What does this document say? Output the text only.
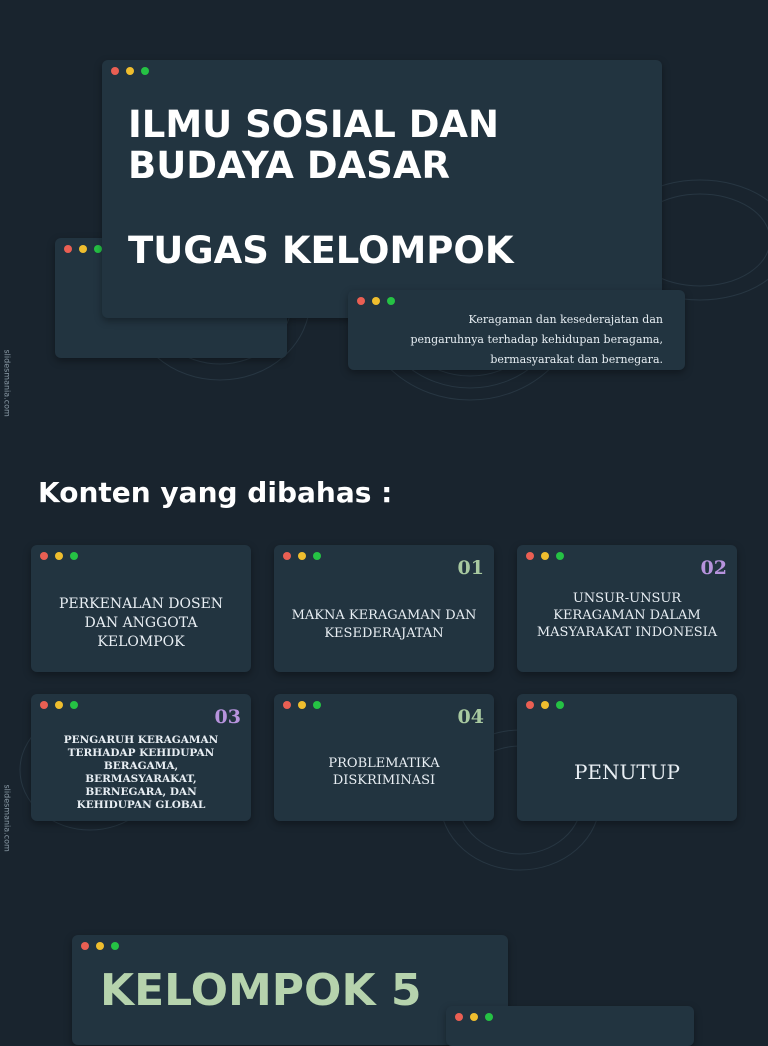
slidesmania.com
slidesmania.com
ILMU SOSIAL DAN
BUDAYA DASAR
TUGAS KELOMPOK
Keragaman dan kesederajatan dan pengaruhnya terhadap kehidupan beragama, bermasyarakat dan bernegara.
Konten yang dibahas :
PERKENALAN DOSEN DAN ANGGOTA KELOMPOK
01
MAKNA KERAGAMAN DAN KESEDERAJATAN
02
UNSUR-UNSUR KERAGAMAN DALAM MASYARAKAT INDONESIA
03
PENGARUH KERAGAMAN TERHADAP KEHIDUPAN BERAGAMA, BERMASYARAKAT, BERNEGARA, DAN KEHIDUPAN GLOBAL
04
PROBLEMATIKA DISKRIMINASI	PENUTUP
KELOMPOK 5
